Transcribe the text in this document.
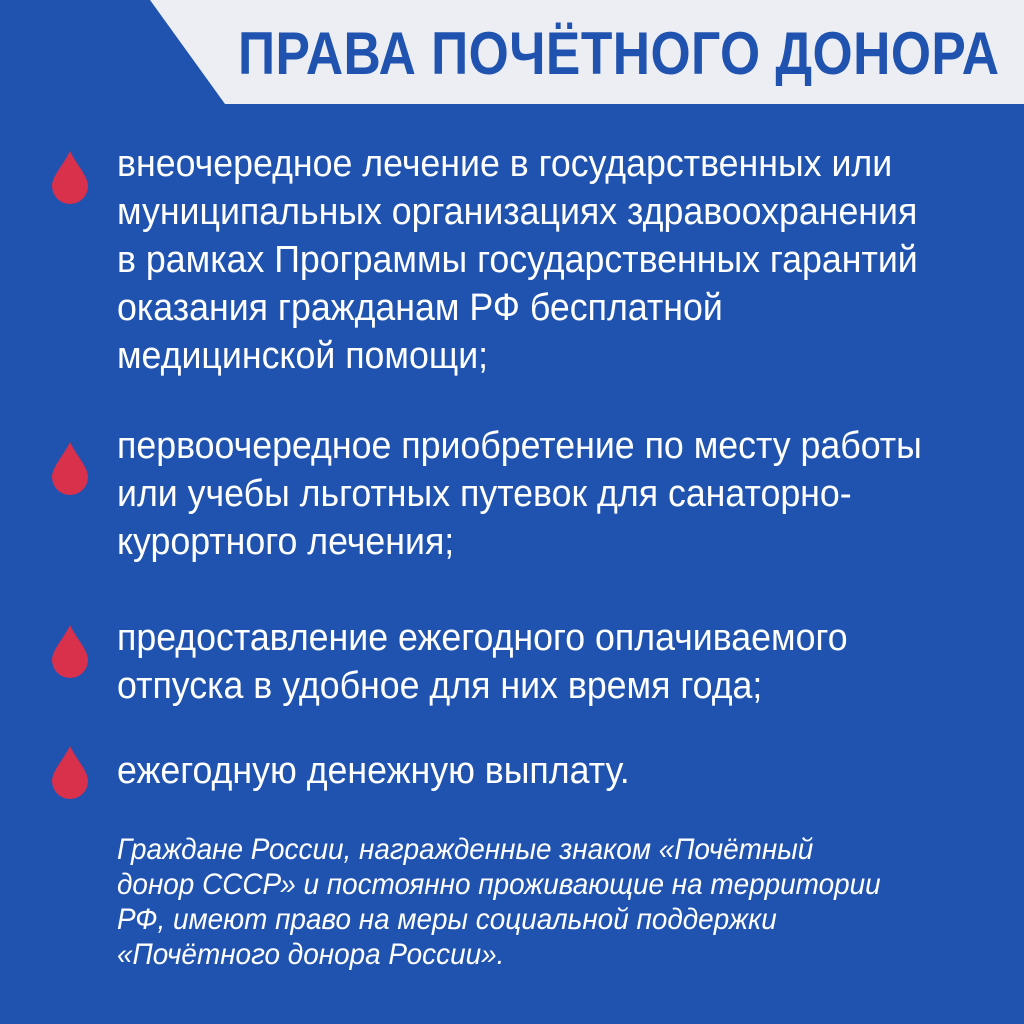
ПРАВА ПОЧЁТНОГО ДОНОРА
внеочередное лечение в государственных или
муниципальных организациях здравоохранения
в рамках Программы государственных гарантий
оказания гражданам РФ бесплатной
медицинской помощи;
первоочередное приобретение по месту работы
или учебы льготных путевок для санаторно-
курортного лечения;
предоставление ежегодного оплачиваемого
отпуска в удобное для них время года;
ежегодную денежную выплату.
Граждане России, награжденные знаком «Почётный
донор СССР» и постоянно проживающие на территории
РФ, имеют право на меры социальной поддержки
«Почётного донора России».
